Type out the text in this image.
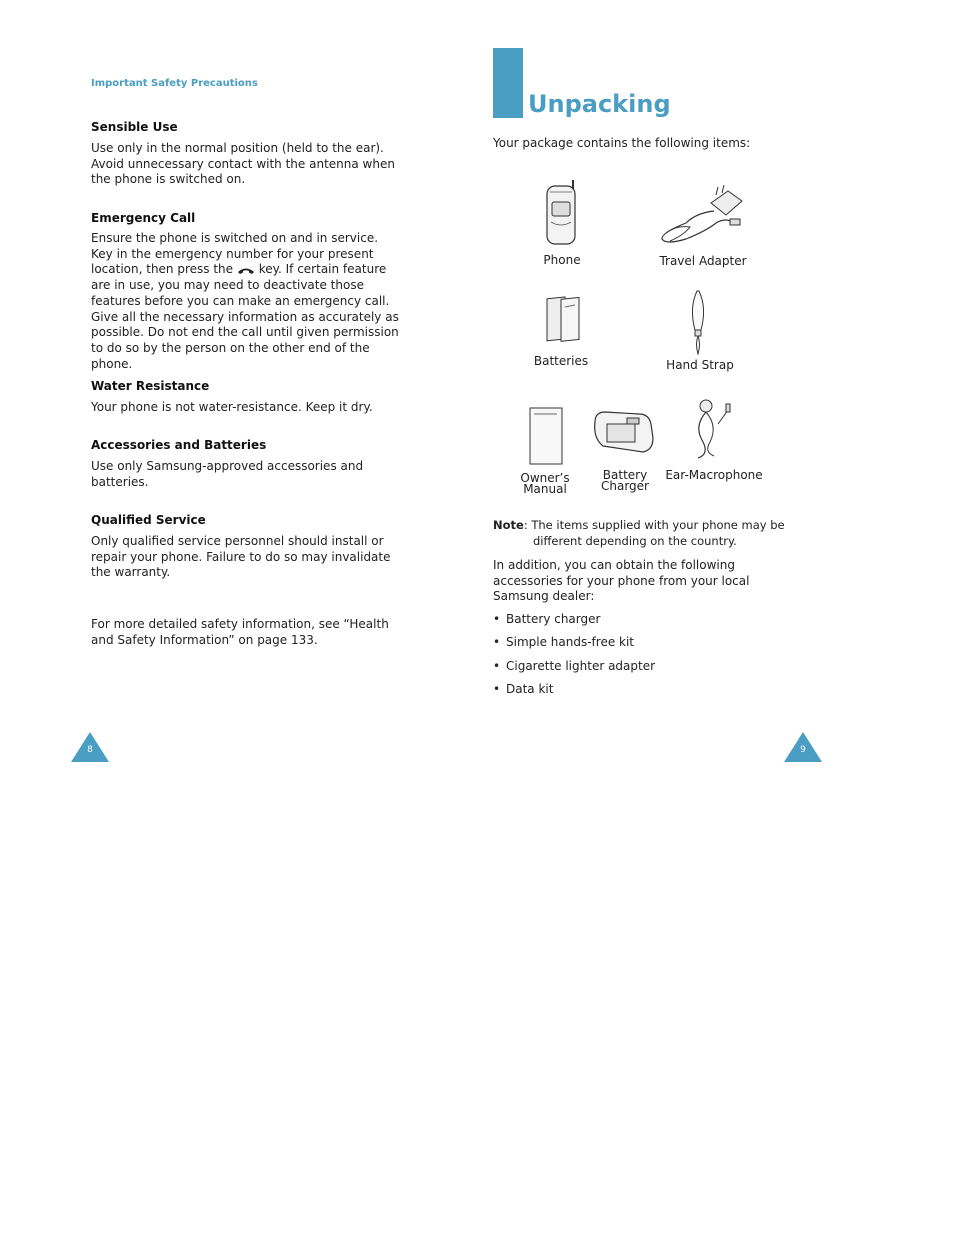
Important Safety Precautions
Sensible Use
Use only in the normal position (held to the ear). Avoid unnecessary contact with the antenna when the phone is switched on.
Emergency Call
Ensure the phone is switched on and in service. Key in the emergency number for your present location, then press the key. If certain feature are in use, you may need to deactivate those features before you can make an emergency call. Give all the necessary information as accurately as possible. Do not end the call until given permission to do so by the person on the other end of the phone.
Water Resistance
Your phone is not water-resistance. Keep it dry.
Accessories and Batteries
Use only Samsung-approved accessories and batteries.
Qualified Service
Only qualified service personnel should install or repair your phone. Failure to do so may invalidate the warranty.
For more detailed safety information, see “Health and Safety Information” on page 133.
8
Unpacking
Your package contains the following items:
Phone	Travel Adapter
Batteries	Hand Strap
Owner’s
Manual
Battery
Charger
Ear-Macrophone
Note: The items supplied with your phone may be
different depending on the country.
In addition, you can obtain the following accessories for your phone from your local Samsung dealer:
• Battery charger
• Simple hands-free kit
• Cigarette lighter adapter
• Data kit
9
